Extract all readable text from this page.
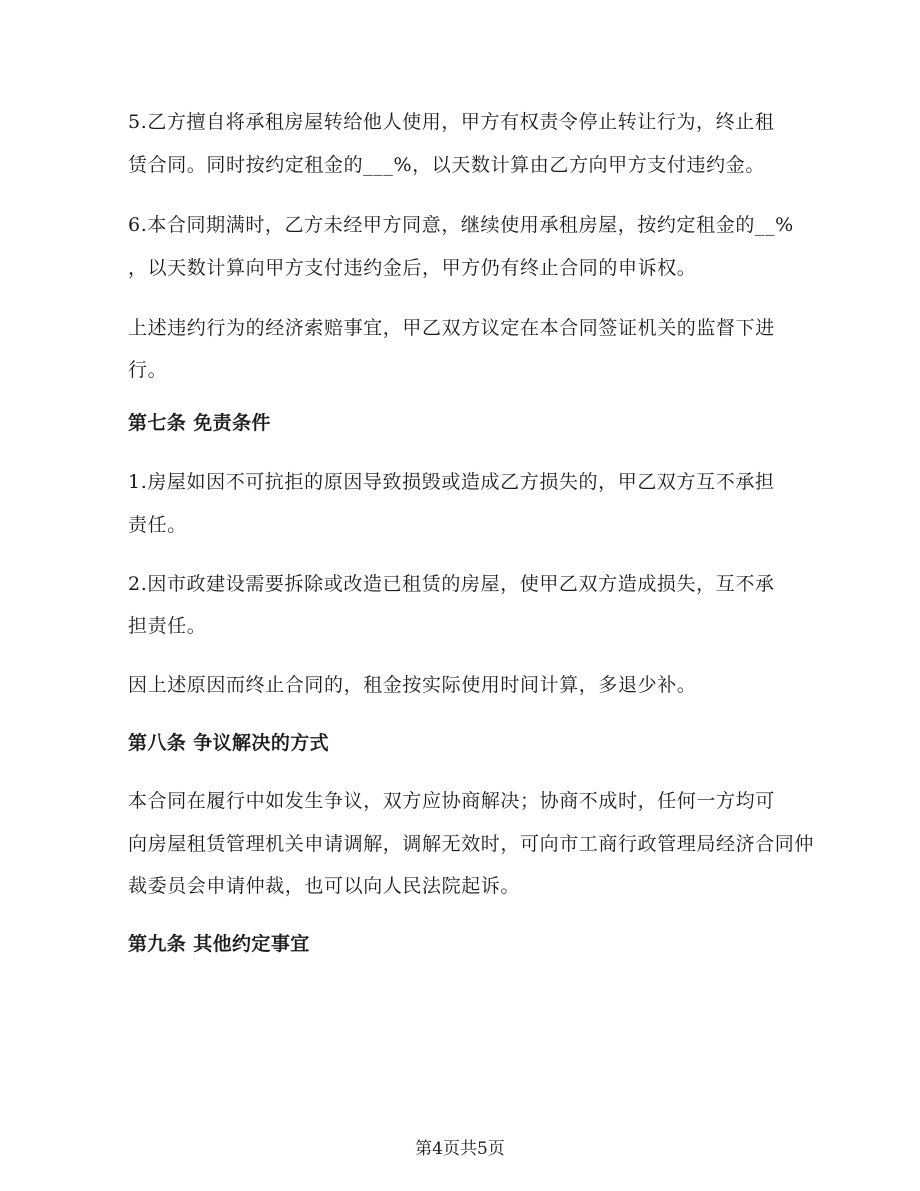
5.乙方擅自将承租房屋转给他人使用，甲方有权责令停止转让行为，终止租
赁合同。同时按约定租金的___%，以天数计算由乙方向甲方支付违约金。
6.本合同期满时，乙方未经甲方同意，继续使用承租房屋，按约定租金的__%
，以天数计算向甲方支付违约金后，甲方仍有终止合同的申诉权。
上述违约行为的经济索赔事宜，甲乙双方议定在本合同签证机关的监督下进
行。
第七条 免责条件
1.房屋如因不可抗拒的原因导致损毁或造成乙方损失的，甲乙双方互不承担
责任。
2.因市政建设需要拆除或改造已租赁的房屋，使甲乙双方造成损失，互不承
担责任。
因上述原因而终止合同的，租金按实际使用时间计算，多退少补。
第八条 争议解决的方式
本合同在履行中如发生争议，双方应协商解决；协商不成时，任何一方均可
向房屋租赁管理机关申请调解，调解无效时，可向市工商行政管理局经济合同仲
裁委员会申请仲裁，也可以向人民法院起诉。
第九条 其他约定事宜
第4页共5页
